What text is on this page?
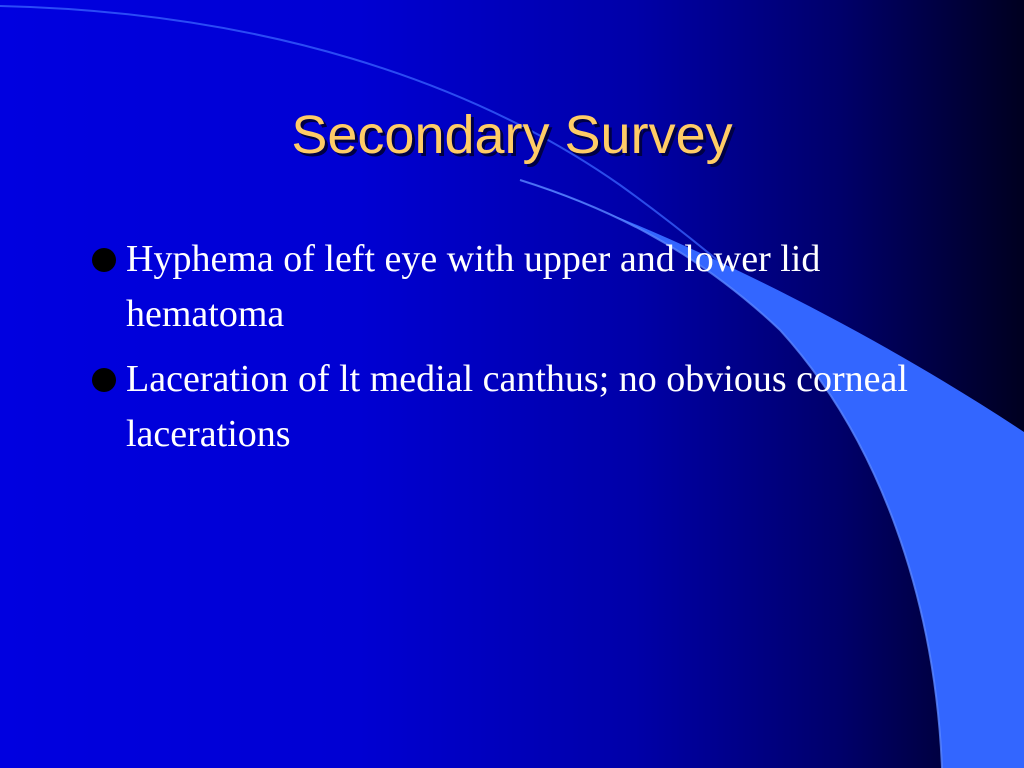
Secondary Survey
Hyphema of left eye with upper and lower lid hematoma
Laceration of lt medial canthus; no obvious corneal lacerations
